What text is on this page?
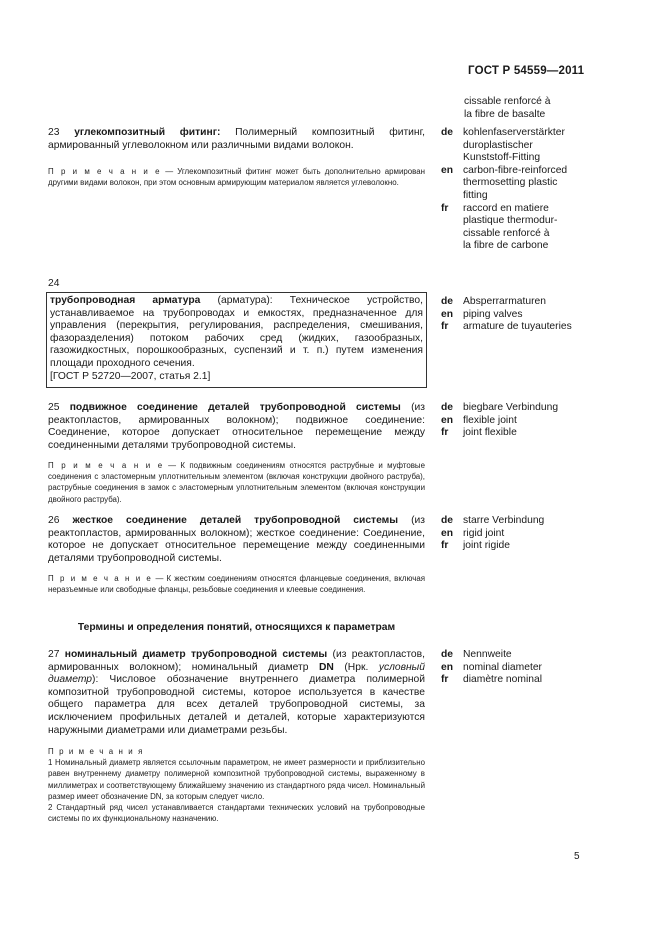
ГОСТ Р 54559—2011
cissable renforcé à
la fibre de basalte
23 углекомпозитный фитинг: Полимерный композитный фитинг, армированный углеволокном или различными видами волокон.
П р и м е ч а н и е — Углекомпозитный фитинг может быть дополнительно армирован другими видами волокон, при этом основным армирующим материалом является углеволокно.
de kohlenfaserverstärkter
duroplastischer
Kunststoff-Fitting
en carbon-fibre-reinforced
thermosetting plastic
fitting
fr	raccord en matiere
plastique thermodur-
cissable renforcé à
la fibre de carbone
24
трубопроводная арматура (арматура): Техническое устройство, устанавливаемое на трубопроводах и емкостях, предназначенное для управления (перекрытия, регулирования, распределения, смешивания, фазоразделения) потоком рабочих сред (жидких, газообразных, газожидкостных, порошкообразных, суспензий и т. п.) путем изменения площади проходного сечения.
[ГОСТ Р 52720—2007, статья 2.1]
de Absperrarmaturen
en piping valves
fr	armature de tuyauteries
25 подвижное соединение деталей трубопроводной системы (из реактопластов, армированных волокном); подвижное соединение: Соединение, которое допускает относительное перемещение между соединенными деталями трубопроводной системы.
П р и м е ч а н и е — К подвижным соединениям относятся раструбные и муфтовые соединения с эластомерным уплотнительным элементом (включая конструкции двойного раструба), раструбные соединения в замок с эластомерным уплотнительным элементом (включая конструкции двойного раструба).
de biegbare Verbindung
en flexible joint
fr	joint flexible
26 жесткое соединение деталей трубопроводной системы (из реактопластов, армированных волокном); жесткое соединение: Соединение, которое не допускает относительное перемещение между соединенными деталями трубопроводной системы.
П р и м е ч а н и е — К жестким соединениям относятся фланцевые соединения, включая неразъемные или свободные фланцы, резьбовые соединения и клеевые соединения.
de starre Verbindung
en rigid joint
fr	joint rigide
Термины и определения понятий, относящихся к параметрам
27 номинальный диаметр трубопроводной системы (из реактопластов, армированных волокном); номинальный диаметр DN (Нрк. условный диаметр): Числовое обозначение внутреннего диаметра полимерной композитной трубопроводной системы, которое используется в качестве общего параметра для всех деталей трубопроводной системы, за исключением профильных деталей и деталей, которые характеризуются наружными диаметрами или диаметрами резьбы.
П р и м е ч а н и я
1 Номинальный диаметр является ссылочным параметром, не имеет размерности и приблизительно равен внутреннему диаметру полимерной композитной трубопроводной системы, выраженному в миллиметрах и соответствующему ближайшему значению из стандартного ряда чисел. Номинальный размер имеет обозначение DN, за которым следует число.
2 Стандартный ряд чисел устанавливается стандартами технических условий на трубопроводные системы по их функциональному назначению.
de Nennweite
en nominal diameter
fr	diamètre nominal
5
